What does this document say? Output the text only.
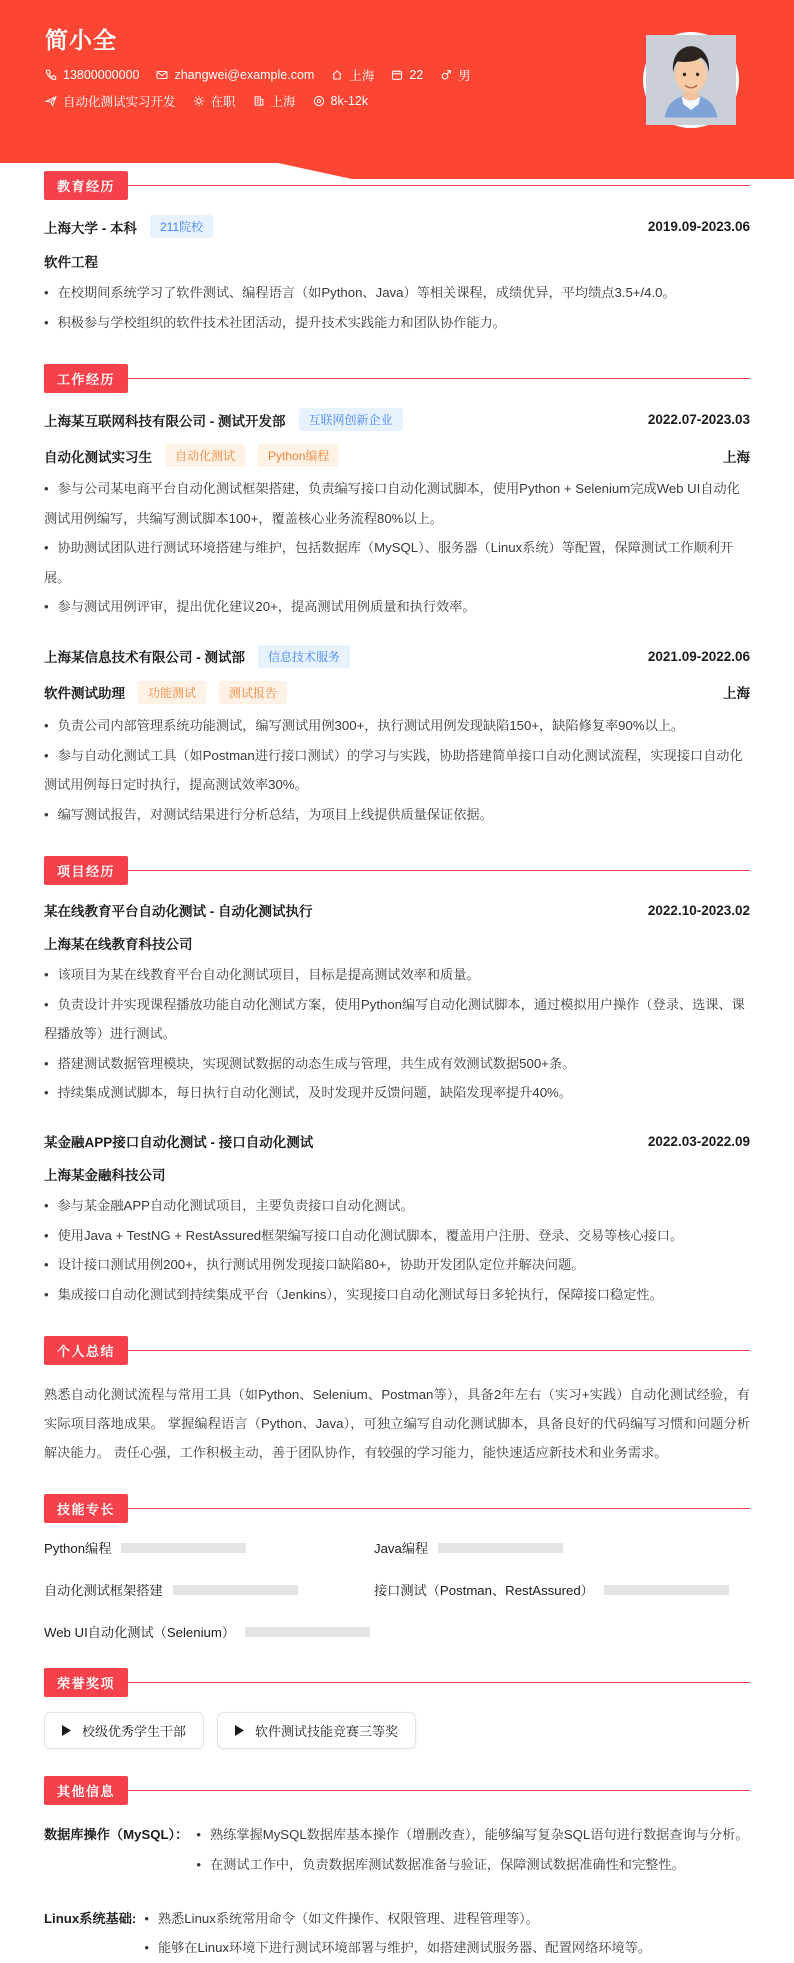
简小全
13800000000	zhangwei@example.com	上海	22	男
自动化测试实习开发	在职	上海	8k-12k
教育经历
上海大学 - 本科	211院校	2019.09-2023.06
软件工程
• 在校期间系统学习了软件测试、编程语言（如Python、Java）等相关课程，成绩优异，平均绩点3.5+/4.0。
• 积极参与学校组织的软件技术社团活动，提升技术实践能力和团队协作能力。
工作经历
上海某互联网科技有限公司 - 测试开发部	互联网创新企业	2022.07-2023.03
自动化测试实习生	自动化测试	Python编程	上海
• 参与公司某电商平台自动化测试框架搭建，负责编写接口自动化测试脚本，使用Python + Selenium完成Web UI自动化测试用例编写，共编写测试脚本100+，覆盖核心业务流程80%以上。
• 协助测试团队进行测试环境搭建与维护，包括数据库（MySQL）、服务器（Linux系统）等配置，保障测试工作顺利开展。
• 参与测试用例评审，提出优化建议20+，提高测试用例质量和执行效率。
上海某信息技术有限公司 - 测试部	信息技术服务	2021.09-2022.06
软件测试助理	功能测试	测试报告	上海
• 负责公司内部管理系统功能测试，编写测试用例300+，执行测试用例发现缺陷150+，缺陷修复率90%以上。
• 参与自动化测试工具（如Postman进行接口测试）的学习与实践，协助搭建简单接口自动化测试流程，实现接口自动化测试用例每日定时执行，提高测试效率30%。
• 编写测试报告，对测试结果进行分析总结，为项目上线提供质量保证依据。
项目经历
某在线教育平台自动化测试 - 自动化测试执行	2022.10-2023.02
上海某在线教育科技公司
• 该项目为某在线教育平台自动化测试项目，目标是提高测试效率和质量。
• 负责设计并实现课程播放功能自动化测试方案，使用Python编写自动化测试脚本，通过模拟用户操作（登录、选课、课程播放等）进行测试。
• 搭建测试数据管理模块，实现测试数据的动态生成与管理，共生成有效测试数据500+条。
• 持续集成测试脚本，每日执行自动化测试，及时发现并反馈问题，缺陷发现率提升40%。
某金融APP接口自动化测试 - 接口自动化测试	2022.03-2022.09
上海某金融科技公司
• 参与某金融APP自动化测试项目，主要负责接口自动化测试。
• 使用Java + TestNG + RestAssured框架编写接口自动化测试脚本，覆盖用户注册、登录、交易等核心接口。
• 设计接口测试用例200+，执行测试用例发现接口缺陷80+，协助开发团队定位并解决问题。
• 集成接口自动化测试到持续集成平台（Jenkins），实现接口自动化测试每日多轮执行，保障接口稳定性。
个人总结

熟悉自动化测试流程与常用工具（如Python、Selenium、Postman等），具备2年左右（实习+实践）自动化测试经验，有实际项目落地成果。 掌握编程语言（Python、Java），可独立编写自动化测试脚本，具备良好的代码编写习惯和问题分析解决能力。 责任心强，工作积极主动，善于团队协作，有较强的学习能力，能快速适应新技术和业务需求。

技能专长
Python编程	Java编程
自动化测试框架搭建	接口测试（Postman、RestAssured）
Web UI自动化测试（Selenium）
荣誉奖项
校级优秀学生干部	软件测试技能竞赛三等奖
其他信息
数据库操作（MySQL）：	• 熟练掌握MySQL数据库基本操作（增删改查），能够编写复杂SQL语句进行数据查询与分析。
• 在测试工作中，负责数据库测试数据准备与验证，保障测试数据准确性和完整性。
Linux系统基础:	• 熟悉Linux系统常用命令（如文件操作、权限管理、进程管理等）。
• 能够在Linux环境下进行测试环境部署与维护，如搭建测试服务器、配置网络环境等。
